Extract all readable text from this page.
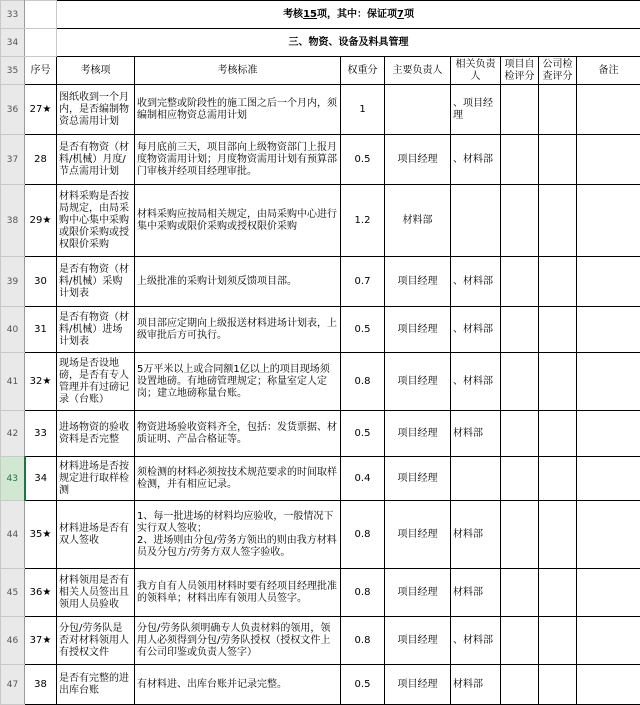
33		考核15项，其中：保证项7项							
34		三、物资、设备及料具管理							
35	序号	考核项	考核标准	权重分	主要负责人	相关负责人	项目自检评分	公司检查评分	备注
36	27★	图纸收到一个月内，是否编制物资总需用计划	收到完整或阶段性的施工图之后一个月内，须编制相应物资总需用计划	1		、项目经理			
37	28	是否有物资（材料/机械）月度/节点需用计划	每月底前三天，项目部向上级物资部门上报月度物资需用计划；月度物资需用计划有预算部门审核并经项目经理审批。	0.5	项目经理	、材料部			
38	29★	材料采购是否按局规定，由局采购中心集中采购或限价采购或授权限价采购	材料采购应按局相关规定，由局采购中心进行集中采购或限价采购或授权限价采购	1.2	材料部				
39	30	是否有物资（材料/机械）采购计划表	上级批准的采购计划须反馈项目部。	0.7	项目经理	、材料部			
40	31	是否有物资（材料/机械）进场计划表	项目部应定期向上级报送材料进场计划表，上级审批后方可执行。	0.5	项目经理	、材料部			
41	32★	现场是否设地磅，是否有专人管理并有过磅记录（台账）	5万平米以上或合同额1亿以上的项目现场须设置地磅。有地磅管理规定；称量室定人定岗；建立地磅称量台账。	0.8	项目经理	、材料部			
42	33	进场物资的验收资料是否完整	物资进场验收资料齐全，包括：发货票据、材质证明、产品合格证等。	0.5	项目经理	材料部			
43	34	材料进场是否按规定进行取样检测	须检测的材料必须按技术规范要求的时间取样检测，并有相应记录。	0.4	项目经理				
44	35★	材料进场是否有双人签收	1、每一批进场的材料均应验收，一般情况下实行双人签收；
2、进场则由分包/劳务方领出的则由我方材料员及分包方/劳务方双人签字验收。	0.8	项目经理	材料部			
45	36★	材料领用是否有相关人员签出且领用人员验收	我方自有人员领用材料时要有经项目经理批准的领料单；材料出库有领用人员签字。	0.8	项目经理	材料部			
46	37★	分包/劳务队是否对材料领用人有授权文件	分包/劳务队须明确专人负责材料的领用，领用人必须得到分包/劳务队授权（授权文件上有公司印鉴或负责人签字）	0.8	项目经理	、材料部			
47	38	是否有完整的进出库台账	有材料进、出库台账并记录完整。	0.5	项目经理	材料部			
